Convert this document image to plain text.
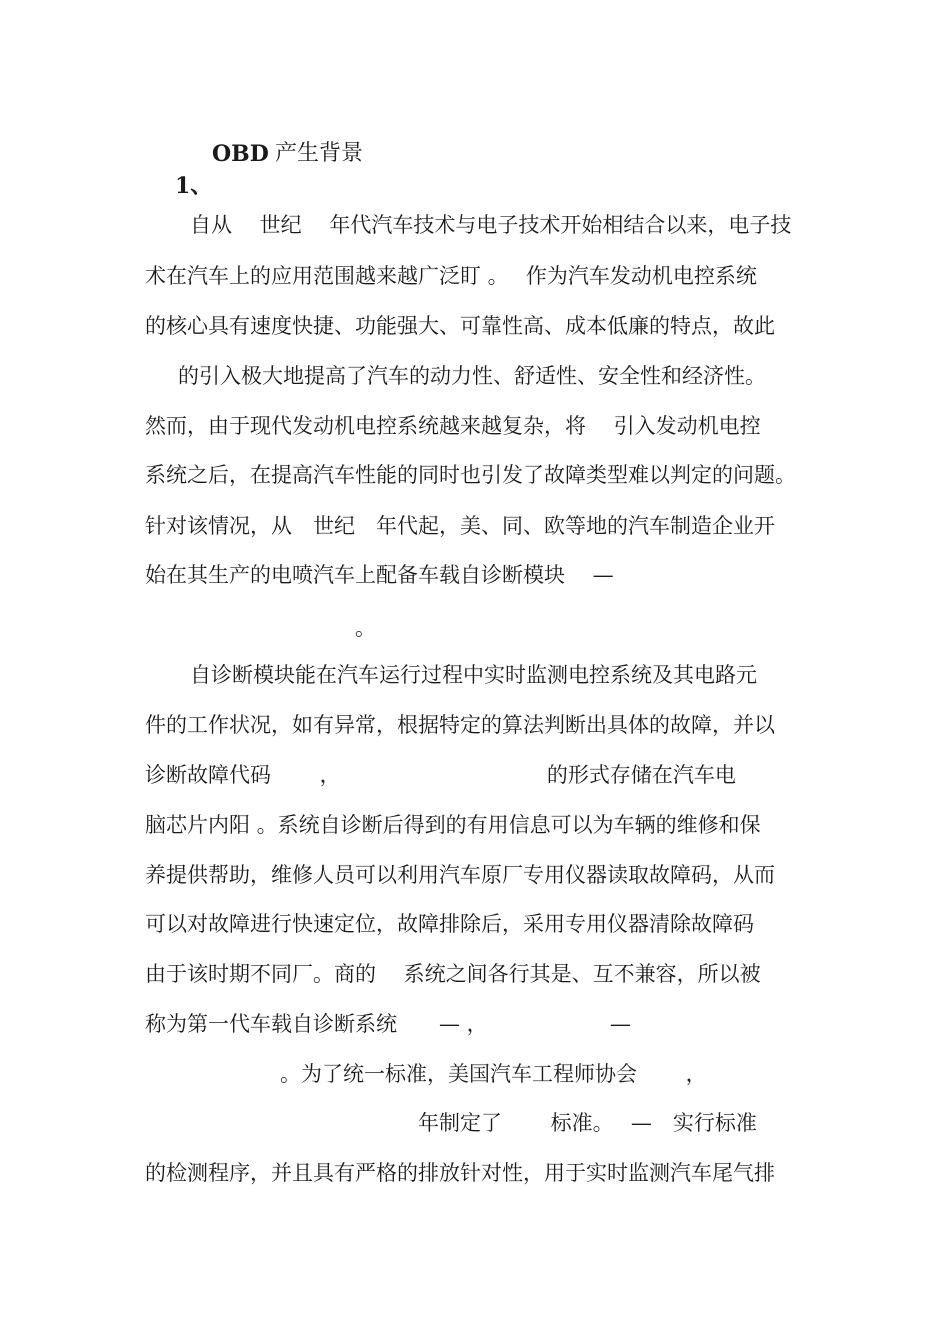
1、

OBD

产生背景

自从　 世纪　 年代汽车技术与电子技术开始相结合以来，电子技
术在汽车上的应用范围越来越广泛盯 。　 作为汽车发动机电控系统
的核心具有速度快捷、功能强大、可靠性高、成本低廉的特点，故此
的引入极大地提高了汽车的动力性、舒适性、安全性和经济性。
然而，由于现代发动机电控系统越来越复杂，将　 引入发动机电控
系统之后，在提高汽车性能的同时也引发了故障类型难以判定的问题。
针对该情况，从　世纪　年代起，美、同、欧等地的汽车制造企业开
始在其生产的电喷汽车上配备车载自诊断模块　 —
。
自诊断模块能在汽车运行过程中实时监测电控系统及其电路元
件的工作状况，如有异常，根据特定的算法判断出具体的故障，并以
诊断故障代码　　 ，　　　　　　　　　　 的形式存储在汽车电
脑芯片内阳 。系统自诊断后得到的有用信息可以为车辆的维修和保
养提供帮助，维修人员可以利用汽车原厂专用仪器读取故障码，从而
可以对故障进行快速定位，故障排除后，采用专用仪器清除故障码
由于该时期不同厂。商的　 系统之间各行其是、互不兼容，所以被
称为第一代车载自诊断系统　　— ，　　　　　　 —
。为了统一标准，美国汽车工程师协会　　 ，
年制定了　　 标准。　 —　实行标准
的检测程序，并且具有严格的排放针对性，用于实时监测汽车尾气排
